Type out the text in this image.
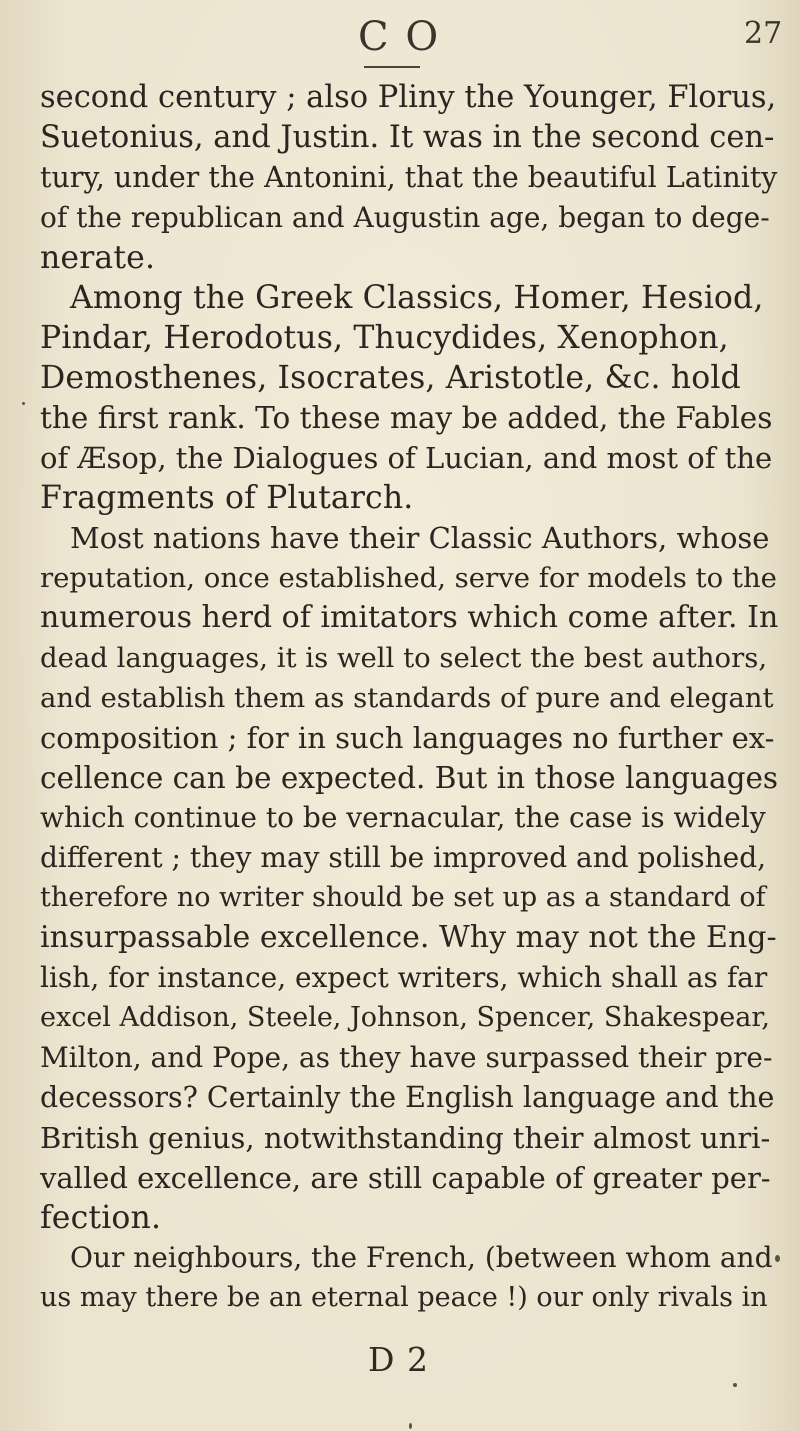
C O	27
second century ; also Pliny the Younger, Florus,
Suetonius, and Justin. It was in the second cen-
tury, under the Antonini, that the beautiful Latinity
of the republican and Augustin age, began to dege-
nerate.
Among the Greek Classics, Homer, Hesiod,
Pindar, Herodotus, Thucydides, Xenophon,
Demosthenes, Isocrates, Aristotle, &c. hold
the first rank. To these may be added, the Fables
of Æsop, the Dialogues of Lucian, and most of the
Fragments of Plutarch.
Most nations have their Classic Authors, whose
reputation, once established, serve for models to the
numerous herd of imitators which come after. In
dead languages, it is well to select the best authors,
and establish them as standards of pure and elegant
composition ; for in such languages no further ex-
cellence can be expected. But in those languages
which continue to be vernacular, the case is widely
different ; they may still be improved and polished,
therefore no writer should be set up as a standard of
insurpassable excellence. Why may not the Eng-
lish, for instance, expect writers, which shall as far
excel Addison, Steele, Johnson, Spencer, Shakespear,
Milton, and Pope, as they have surpassed their pre-
decessors? Certainly the English language and the
British genius, notwithstanding their almost unri-
valled excellence, are still capable of greater per-
fection.
Our neighbours, the French, (between whom and
us may there be an eternal peace !) our only rivals in
D 2
